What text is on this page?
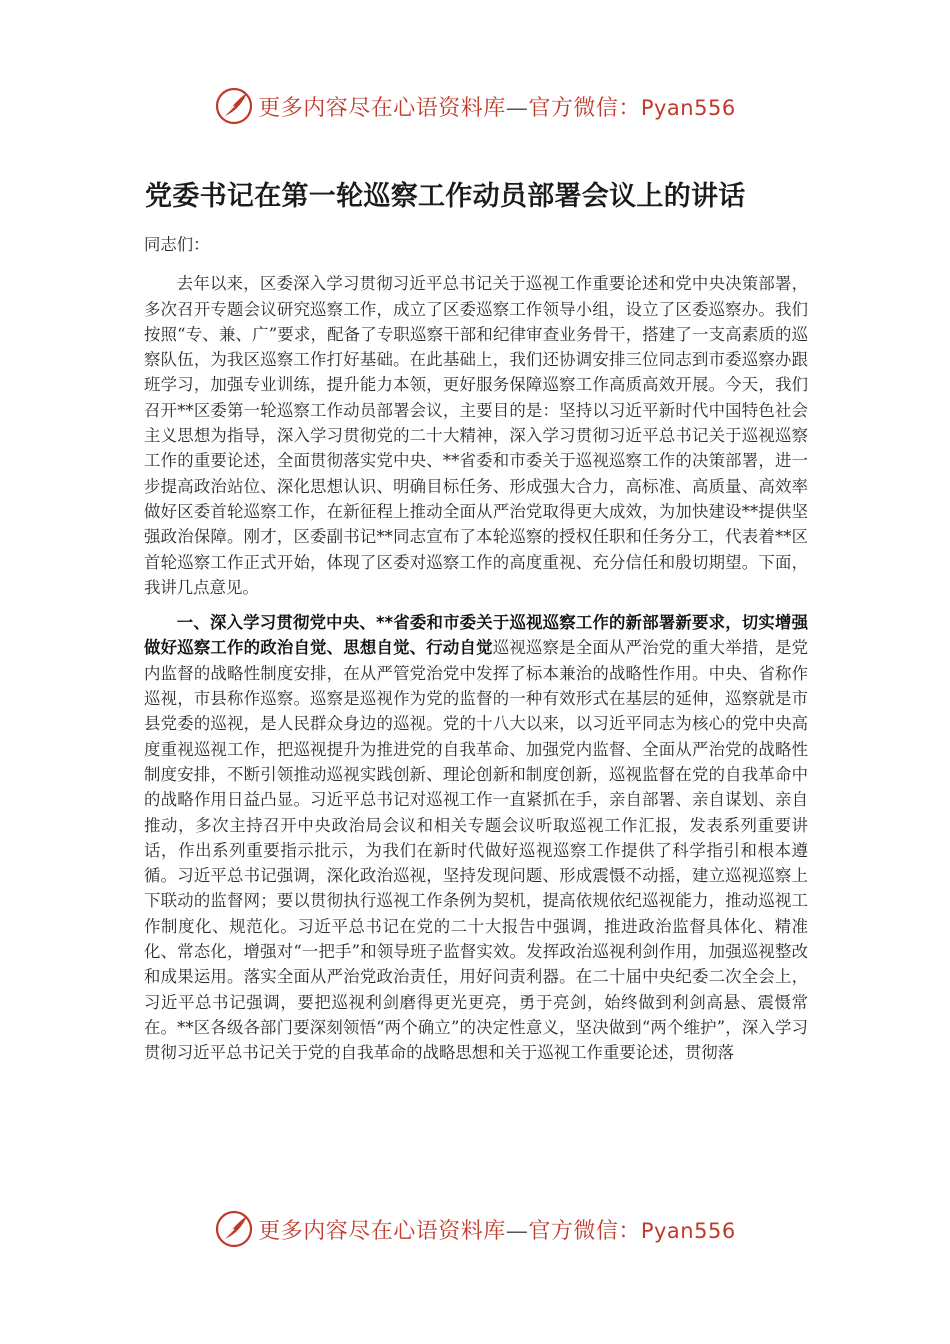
更多内容尽在心语资料库—官方微信：Pyan556
党委书记在第一轮巡察工作动员部署会议上的讲话

同志们：

去年以来，区委深入学习贯彻习近平总书记关于巡视工作重要论述和党中央决策部署，多次召开专题会议研究巡察工作，成立了区委巡察工作领导小组，设立了区委巡察办。我们按照“专、兼、广”要求，配备了专职巡察干部和纪律审查业务骨干，搭建了一支高素质的巡察队伍，为我区巡察工作打好基础。在此基础上，我们还协调安排三位同志到市委巡察办跟班学习，加强专业训练，提升能力本领，更好服务保障巡察工作高质高效开展。今天，我们召开**区委第一轮巡察工作动员部署会议，主要目的是：坚持以习近平新时代中国特色社会主义思想为指导，深入学习贯彻党的二十大精神，深入学习贯彻习近平总书记关于巡视巡察工作的重要论述，全面贯彻落实党中央、**省委和市委关于巡视巡察工作的决策部署，进一步提高政治站位、深化思想认识、明确目标任务、形成强大合力，高标准、高质量、高效率做好区委首轮巡察工作，在新征程上推动全面从严治党取得更大成效，为加快建设**提供坚强政治保障。刚才，区委副书记**同志宣布了本轮巡察的授权任职和任务分工，代表着**区首轮巡察工作正式开始，体现了区委对巡察工作的高度重视、充分信任和殷切期望。下面，我讲几点意见。

一、深入学习贯彻党中央、**省委和市委关于巡视巡察工作的新部署新要求，切实增强做好巡察工作的政治自觉、思想自觉、行动自觉巡视巡察是全面从严治党的重大举措，是党内监督的战略性制度安排，在从严管党治党中发挥了标本兼治的战略性作用。中央、省称作巡视，市县称作巡察。巡察是巡视作为党的监督的一种有效形式在基层的延伸，巡察就是市县党委的巡视，是人民群众身边的巡视。党的十八大以来，以习近平同志为核心的党中央高度重视巡视工作，把巡视提升为推进党的自我革命、加强党内监督、全面从严治党的战略性制度安排，不断引领推动巡视实践创新、理论创新和制度创新，巡视监督在党的自我革命中的战略作用日益凸显。习近平总书记对巡视工作一直紧抓在手，亲自部署、亲自谋划、亲自推动，多次主持召开中央政治局会议和相关专题会议听取巡视工作汇报，发表系列重要讲话，作出系列重要指示批示，为我们在新时代做好巡视巡察工作提供了科学指引和根本遵循。习近平总书记强调，深化政治巡视，坚持发现问题、形成震慑不动摇，建立巡视巡察上下联动的监督网；要以贯彻执行巡视工作条例为契机，提高依规依纪巡视能力，推动巡视工作制度化、规范化。习近平总书记在党的二十大报告中强调，推进政治监督具体化、精准化、常态化，增强对“一把手”和领导班子监督实效。发挥政治巡视利剑作用，加强巡视整改和成果运用。落实全面从严治党政治责任，用好问责利器。在二十届中央纪委二次全会上，习近平总书记强调，要把巡视利剑磨得更光更亮，勇于亮剑，始终做到利剑高悬、震慑常在。**区各级各部门要深刻领悟“两个确立”的决定性意义，坚决做到“两个维护”，深入学习贯彻习近平总书记关于党的自我革命的战略思想和关于巡视工作重要论述，贯彻落

更多内容尽在心语资料库—官方微信：Pyan556
